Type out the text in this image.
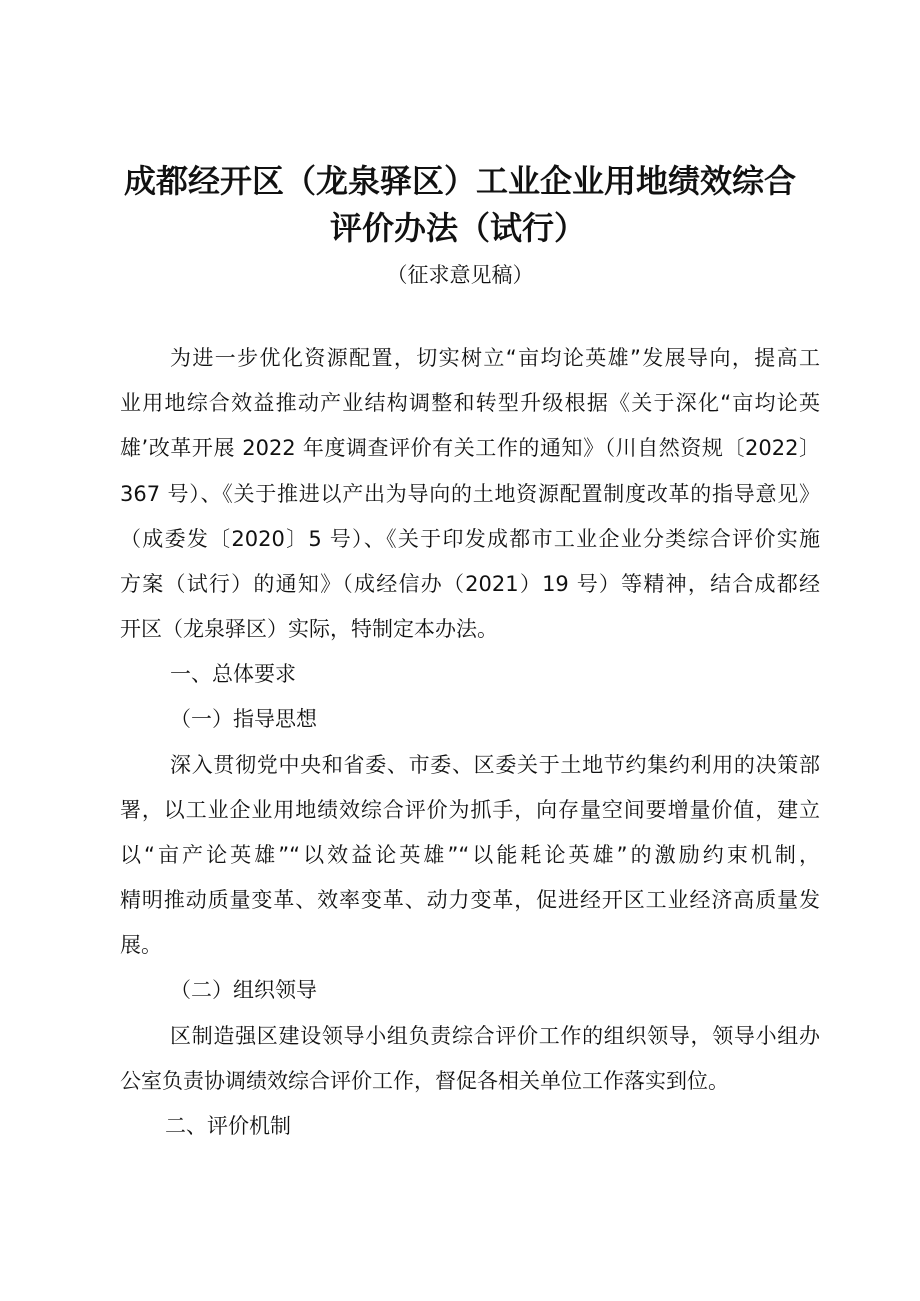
成都经开区（龙泉驿区）工业企业用地绩效综合
评价办法（试行）
（征求意见稿）

为进一步优化资源配置，切实树立“亩均论英雄”发展导向，提高工

业用地综合效益推动产业结构调整和转型升级根据《关于深化“亩均论英

雄’改革开展 2022 年度调查评价有关工作的通知》（川自然资规〔2022〕

367 号）、《关于推进以产出为导向的土地资源配置制度改革的指导意见》

（成委发〔2020〕5 号）、《关于印发成都市工业企业分类综合评价实施

方案（试行）的通知》（成经信办（2021）19 号）等精神，结合成都经

开区（龙泉驿区）实际，特制定本办法。

一、总体要求

（一）指导思想

深入贯彻党中央和省委、市委、区委关于土地节约集约利用的决策部

署，以工业企业用地绩效综合评价为抓手，向存量空间要增量价值，建立

以“亩产论英雄”“以效益论英雄”“以能耗论英雄”的激励约束机制，

精明推动质量变革、效率变革、动力变革，促进经开区工业经济高质量发

展。

（二）组织领导

区制造强区建设领导小组负责综合评价工作的组织领导，领导小组办

公室负责协调绩效综合评价工作，督促各相关单位工作落实到位。

二、评价机制
